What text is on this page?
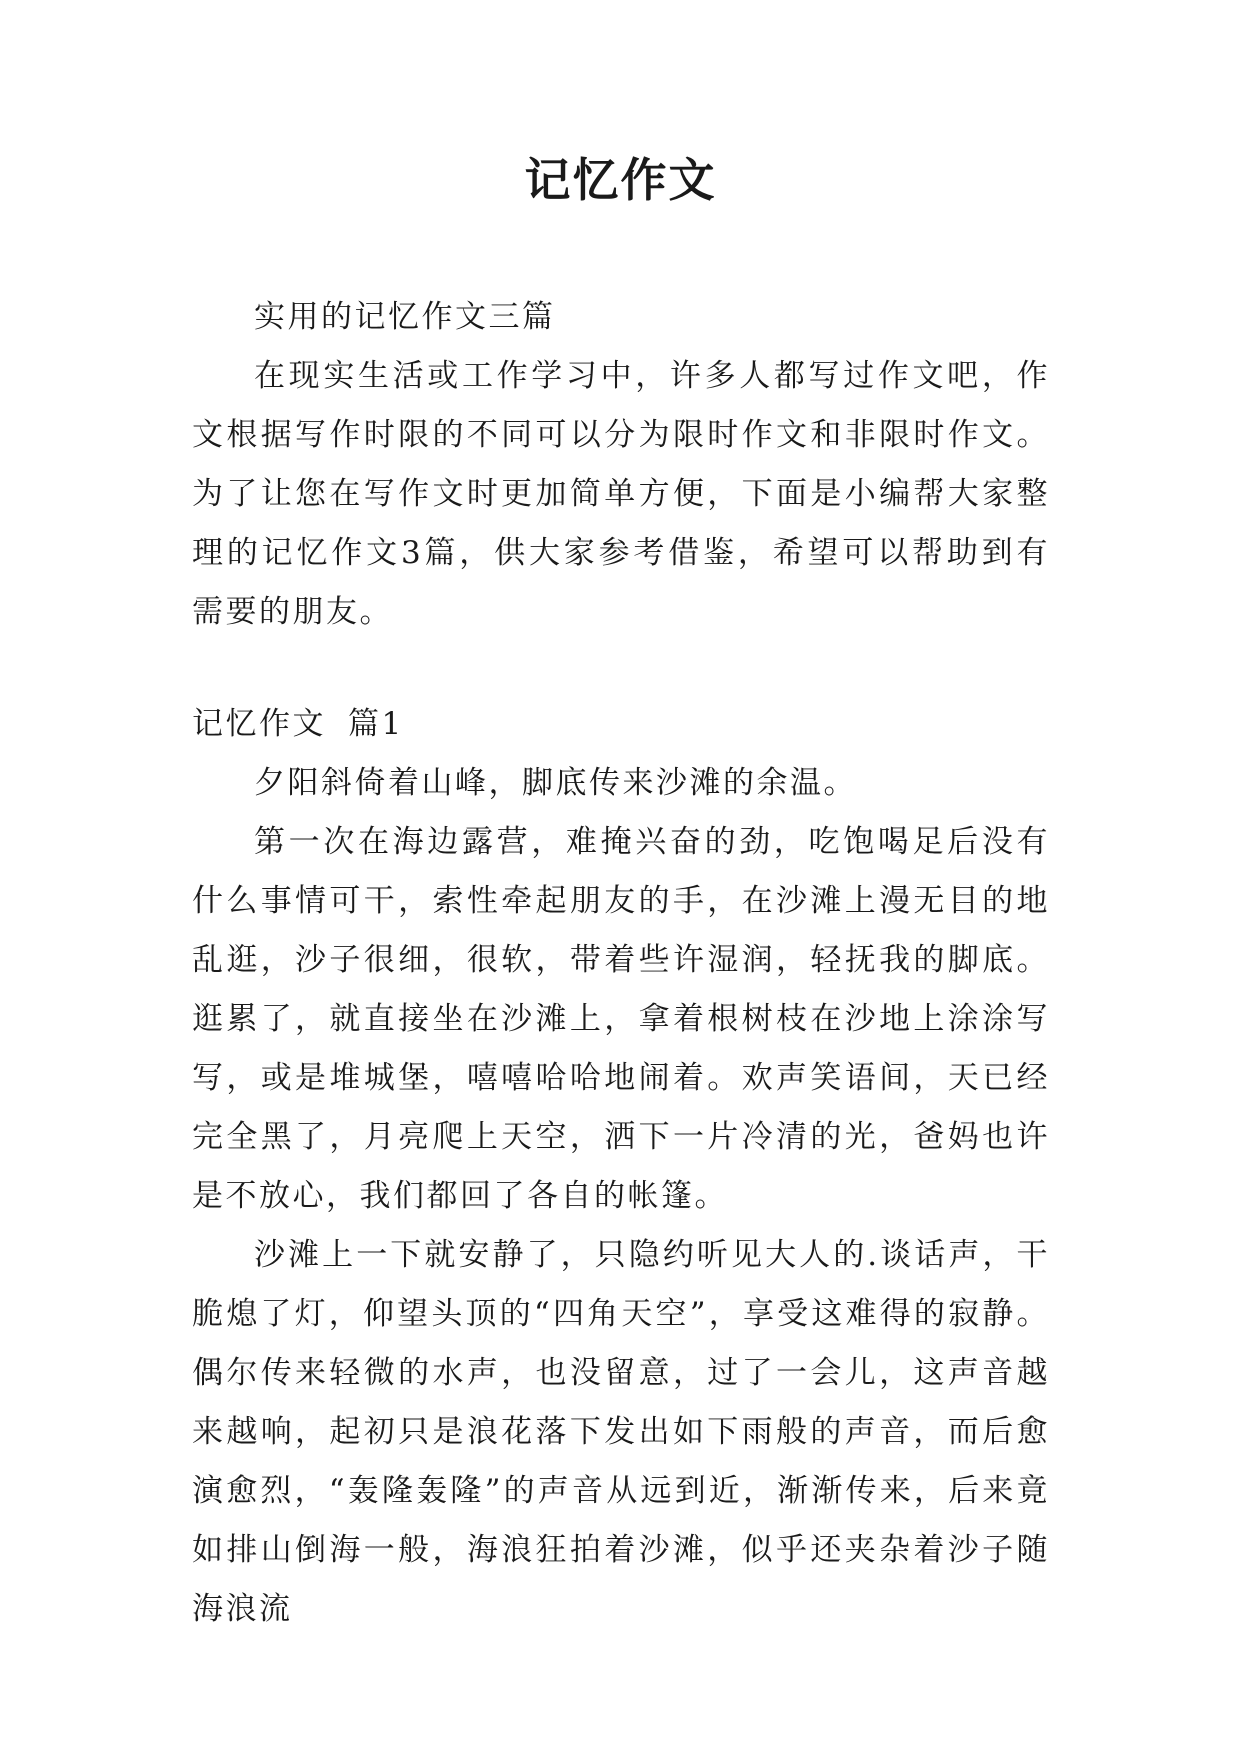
记忆作文

实用的记忆作文三篇

在现实生活或工作学习中，许多人都写过作文吧，作文根据写作时限的不同可以分为限时作文和非限时作文。为了让您在写作文时更加简单方便，下面是小编帮大家整理的记忆作文3篇，供大家参考借鉴，希望可以帮助到有需要的朋友。

记忆作文 篇1

夕阳斜倚着山峰，脚底传来沙滩的余温。

第一次在海边露营，难掩兴奋的劲，吃饱喝足后没有什么事情可干，索性牵起朋友的手，在沙滩上漫无目的地乱逛，沙子很细，很软，带着些许湿润，轻抚我的脚底。逛累了，就直接坐在沙滩上，拿着根树枝在沙地上涂涂写写，或是堆城堡，嘻嘻哈哈地闹着。欢声笑语间，天已经完全黑了，月亮爬上天空，洒下一片冷清的光，爸妈也许是不放心，我们都回了各自的帐篷。

沙滩上一下就安静了，只隐约听见大人的.谈话声，干脆熄了灯，仰望头顶的“四角天空”，享受这难得的寂静。偶尔传来轻微的水声，也没留意，过了一会儿，这声音越来越响，起初只是浪花落下发出如下雨般的声音，而后愈演愈烈，“轰隆轰隆”的声音从远到近，渐渐传来，后来竟如排山倒海一般，海浪狂拍着沙滩，似乎还夹杂着沙子随海浪流
